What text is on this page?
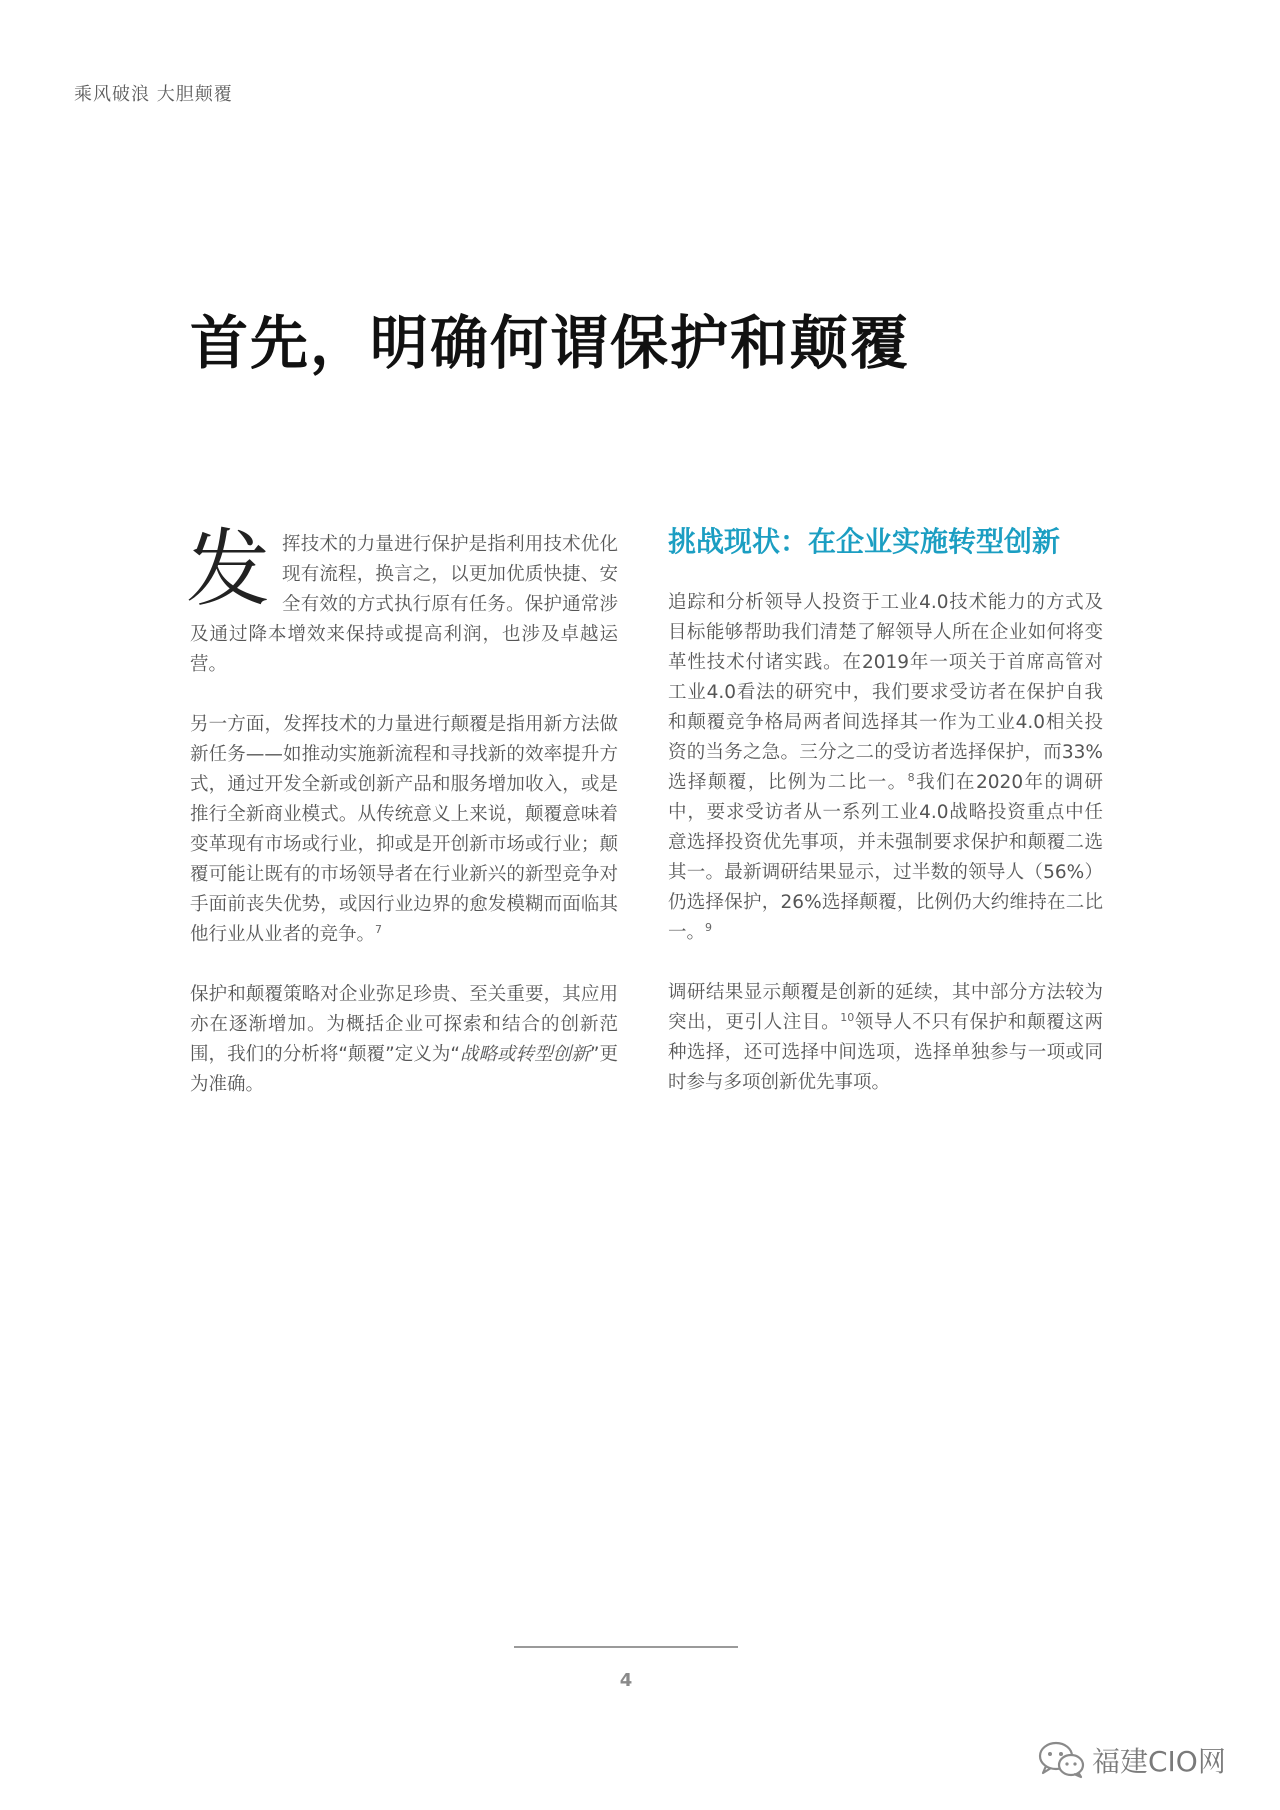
乘风破浪 大胆颠覆
首先，明确何谓保护和颠覆

发挥技术的力量进行保护是指利用技术优化现有流程，换言之，以更加优质快捷、安全有效的方式执行原有任务。保护通常涉及通过降本增效来保持或提高利润，也涉及卓越运营。

另一方面，发挥技术的力量进行颠覆是指用新方法做新任务——如推动实施新流程和寻找新的效率提升方式，通过开发全新或创新产品和服务增加收入，或是推行全新商业模式。从传统意义上来说，颠覆意味着变革现有市场或行业，抑或是开创新市场或行业；颠覆可能让既有的市场领导者在行业新兴的新型竞争对手面前丧失优势，或因行业边界的愈发模糊而面临其他行业从业者的竞争。$^7$

保护和颠覆策略对企业弥足珍贵、至关重要，其应用亦在逐渐增加。为概括企业可探索和结合的创新范围，我们的分析将“颠覆”定义为“战略或转型创新”更为准确。

挑战现状：在企业实施转型创新

追踪和分析领导人投资于工业4.0技术能力的方式及目标能够帮助我们清楚了解领导人所在企业如何将变革性技术付诸实践。在2019年一项关于首席高管对工业4.0看法的研究中，我们要求受访者在保护自我和颠覆竞争格局两者间选择其一作为工业4.0相关投资的当务之急。三分之二的受访者选择保护，而33%选择颠覆，比例为二比一。$^8$我们在2020年的调研中，要求受访者从一系列工业4.0战略投资重点中任意选择投资优先事项，并未强制要求保护和颠覆二选其一。最新调研结果显示，过半数的领导人（56%）仍选择保护，26%选择颠覆，比例仍大约维持在二比一。$^9$

调研结果显示颠覆是创新的延续，其中部分方法较为突出，更引人注目。$^{10}$领导人不只有保护和颠覆这两种选择，还可选择中间选项，选择单独参与一项或同时参与多项创新优先事项。

4
福建CIO网
